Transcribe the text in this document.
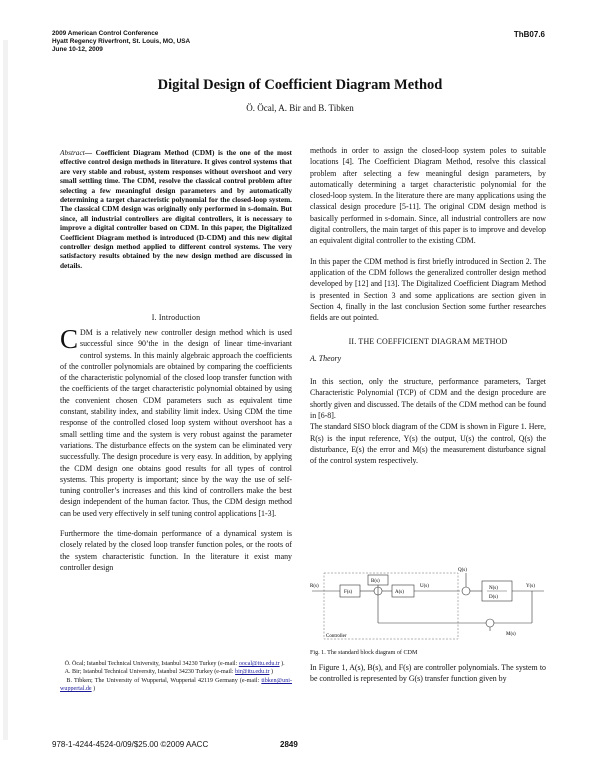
2009 American Control Conference
Hyatt Regency Riverfront, St. Louis, MO, USA
June 10-12, 2009
ThB07.6
Digital Design of Coefficient Diagram Method
Ö. Öcal, A. Bir and B. Tibken

Abstract— Coefficient Diagram Method (CDM) is the one of the most effective control design methods in literature. It gives control systems that are very stable and robust, system responses without overshoot and very small settling time. The CDM, resolve the classical control problem after selecting a few meaningful design parameters and by automatically determining a target characteristic polynomial for the closed-loop system. The classical CDM design was originally only performed in s-domain. But since, all industrial controllers are digital controllers, it is necessary to improve a digital controller based on CDM. In this paper, the Digitalized Coefficient Diagram method is introduced (D-CDM) and this new digital controller design method applied to different control systems. The very satisfactory results obtained by the new design method are discussed in details.

I. Introduction

CDM is a relatively new controller design method which is used successful since 90’the in the design of linear time-invariant control systems. In this mainly algebraic approach the coefficients of the controller polynomials are obtained by comparing the coefficients of the characteristic polynomial of the closed loop transfer function with the coefficients of the target characteristic polynomial obtained by using the convenient chosen CDM parameters such as equivalent time constant, stability index, and stability limit index. Using CDM the time response of the controlled closed loop system without overshoot has a small settling time and the system is very robust against the parameter variations. The disturbance effects on the system can be eliminated very successfully. The design procedure is very easy. In addition, by applying the CDM design one obtains good results for all types of control systems. This property is important; since by the way the use of self-tuning controller’s increases and this kind of controllers make the best design independent of the human factor. Thus, the CDM design method can be used very effectively in self tuning control applications [1-3].

Furthermore the time-domain performance of a dynamical system is closely related by the closed loop transfer function poles, or the roots of the system characteristic function. In the literature it exist many controller design

Ö. Öcal; Istanbul Technical University, Istanbul 34230 Turkey (e-mail: oocal@itu.edu.tr ).

A. Bir; Istanbul Technical University, Istanbul 34230 Turkey (e-mail: bir@itu.edu.tr )

B. Tibken; The University of Wuppertal, Wuppertal 42119 Germany (e-mail: tibken@uni-wuppertal.de )

methods in order to assign the closed-loop system poles to suitable locations [4]. The Coefficient Diagram Method, resolve this classical problem after selecting a few meaningful design parameters, by automatically determining a target characteristic polynomial for the closed-loop system. In the literature there are many applications using the classical design procedure [5-11]. The original CDM design method is basically performed in s-domain. Since, all industrial controllers are now digital controllers, the main target of this paper is to improve and develop an equivalent digital controller to the existing CDM.

In this paper the CDM method is first briefly introduced in Section 2. The application of the CDM follows the generalized controller design method developed by [12] and [13]. The Digitalized Coefficient Diagram Method is presented in Section 3 and some applications are section given in Section 4, finally in the last conclusion Section some further researches fields are out pointed.

II. THE COEFFICIENT DIAGRAM METHOD

A. Theory

In this section, only the structure, performance parameters, Target Characteristic Polynomial (TCP) of CDM and the design procedure are shortly given and discussed. The details of the CDM method can be found in [6-8].

The standard SISO block diagram of the CDM is shown in Figure 1. Here, R(s) is the input reference, Y(s) the output, U(s) the control, Q(s) the disturbance, E(s) the error and M(s) the measurement disturbance signal of the control system respectively.

Controller
R(s)
F(s)
B(s)
A(s)
U(s)
Q(s)
N(s)
D(s)
Y(s)
M(s)
Fig. 1. The standard block diagram of CDM

In Figure 1, A(s), B(s), and F(s) are controller polynomials. The system to be controlled is represented by G(s) transfer function given by

978-1-4244-4524-0/09/$25.00 ©2009 AACC	2849
